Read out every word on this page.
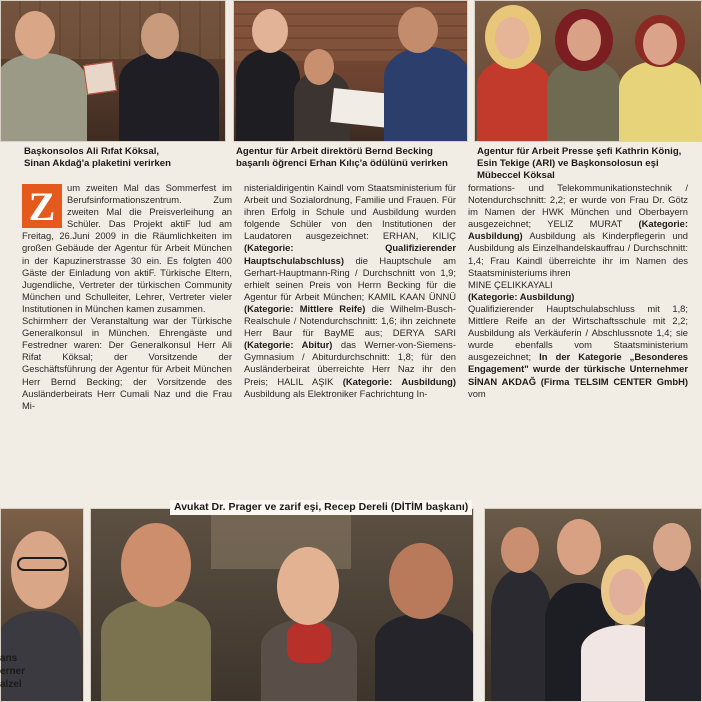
Başkonsolos Ali Rıfat Köksal,
Sinan Akdağ'a plaketini verirken
Agentur für Arbeit direktörü Bernd Becking
başarılı öğrenci Erhan Kılıç'a ödülünü verirken
Agentur für Arbeit Presse şefi Kathrin König,
Esin Tekige (ARI) ve Başkonsolosun eşi
Mübeccel Köksal
Z	um zweiten Mal das Sommerfest im Berufsinformationszentrum. Zum zweiten Mal die Preisverleihung an Schüler. Das Projekt aktiF lud am Freitag, 26.Juni 2009 in die Räumlichkeiten im großen Gebäude der Agentur für Arbeit München in der Kapuzinerstrasse 30 ein. Es folgten 400 Gäste der Einladung von aktiF. Türkische Eltern, Jugendliche, Vertreter der türkischen Community München und Schulleiter, Lehrer, Vertreter vieler Institutionen in München kamen zusammen.

Schirmherr der Veranstaltung war der Türkische Generalkonsul in München. Ehrengäste und Festredner waren: Der Generalkonsul Herr Ali Rifat Köksal; der Vorsitzende der Geschäftsführung der Agentur für Arbeit München Herr Bernd Becking; der Vorsitzende des Ausländerbeirats Herr Cumali Naz und die Frau Mi-

nisterialdirigentin Kaindl vom Staatsministerium für Arbeit und Sozialordnung, Familie und Frauen. Für ihren Erfolg in Schule und Ausbildung wurden folgende Schüler von den Institutionen der Laudatoren ausgezeichnet: ERHAN, KILIÇ (Kategorie: Qualifizierender Hauptschulabschluss) die Hauptschule am Gerhart-Hauptmann-Ring / Durchschnitt von 1,9; erhielt seinen Preis von Herrn Becking für die Agentur für Arbeit München; KAMIL KAAN ÜNNÜ (Kategorie: Mittlere Reife) die Wilhelm-Busch-Realschule / Notendurchschnitt: 1,6; ihn zeichnete Herr Baur für BayME aus; DERYA SARI (Kategorie: Abitur) das Werner-von-Siemens-Gymnasium / Abiturdurchschnitt: 1,8; für den Ausländerbeirat überreichte Herr Naz ihr den Preis; HALIL AŞIK (Kategorie: Ausbildung) Ausbildung als Elektroniker Fachrichtung In-

formations- und Telekommunikationstechnik / Notendurchschnitt: 2,2; er wurde von Frau Dr. Götz im Namen der HWK München und Oberbayern ausgezeichnet; YELIZ MURAT (Kategorie: Ausbildung) Ausbildung als Kinderpflegerin und Ausbildung als Einzelhandelskauffrau / Durchschnitt: 1,4; Frau Kaindl überreichte ihr im Namen des Staatsministeriums ihren

MINE ÇELIKKAYALI

(Kategorie: Ausbildung)

Qualifizierender Hauptschulabschluss mit 1,8; Mittlere Reife an der Wirtschaftsschule mit 2,2; Ausbildung als Verkäuferin / Abschlussnote 1,4; sie wurde ebenfalls vom Staatsministerium ausgezeichnet; In der Kategorie „Besonderes Engagement" wurde der türkische Unternehmer SİNAN AKDAĞ (Firma TELSIM CENTER GmbH) vom

ans
erner
alzel
Avukat Dr. Prager ve zarif eşi, Recep Dereli (DİTİM başkanı)
